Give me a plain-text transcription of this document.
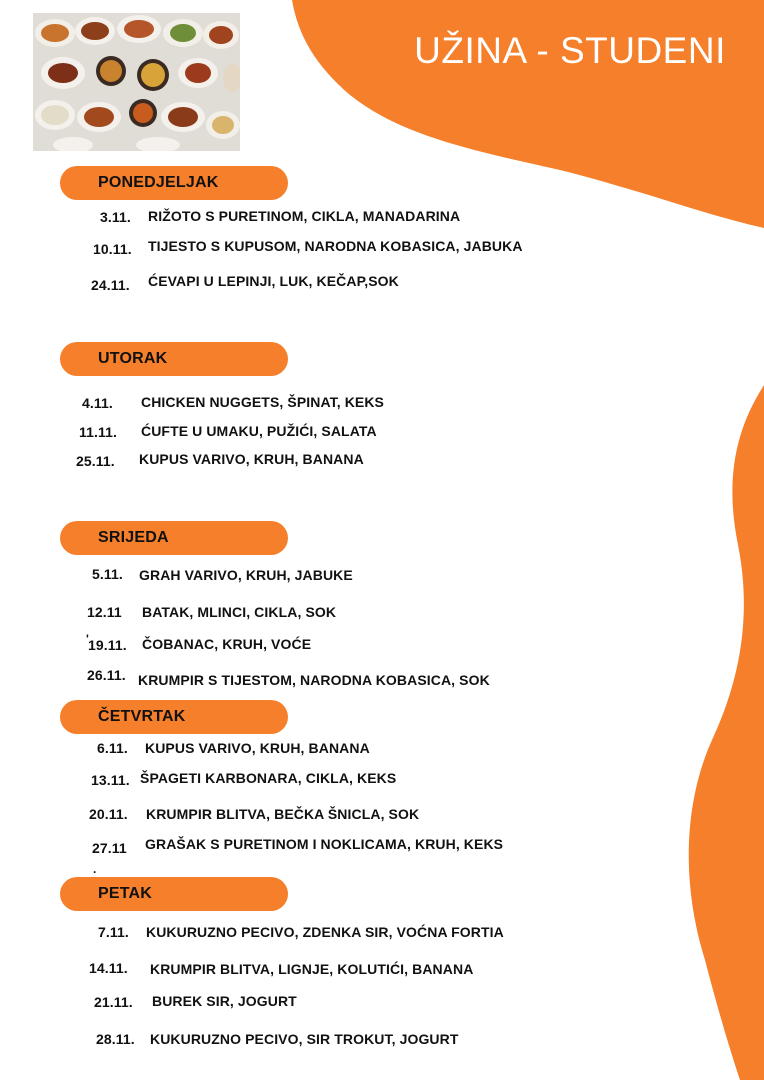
UŽINA - STUDENI
PONEDJELJAK
3.11. RIŽOTO S PURETINOM, CIKLA, MANADARINA
10.11. TIJESTO S KUPUSOM, NARODNA KOBASICA, JABUKA
24.11. ĆEVAPI U LEPINJI, LUK, KEČAP,SOK
UTORAK
4.11. CHICKEN NUGGETS, ŠPINAT, KEKS
11.11. ĆUFTE U UMAKU, PUŽIĆI, SALATA
25.11. KUPUS VARIVO, KRUH, BANANA
SRIJEDA
5.11. GRAH VARIVO, KRUH, JABUKE
12.11 BATAK, MLINCI, CIKLA, SOK
' 19.11. ČOBANAC, KRUH, VOĆE
26.11. KRUMPIR S TIJESTOM, NARODNA KOBASICA, SOK
ČETVRTAK
6.11. KUPUS VARIVO, KRUH, BANANA
13.11. ŠPAGETI KARBONARA, CIKLA, KEKS
20.11. KRUMPIR BLITVA, BEČKA ŠNICLA, SOK
27.11 GRAŠAK S PURETINOM I NOKLICAMA, KRUH, KEKS
.
PETAK
7.11. KUKURUZNO PECIVO, ZDENKA SIR, VOĆNA FORTIA
14.11. KRUMPIR BLITVA, LIGNJE, KOLUTIĆI, BANANA
21.11. BUREK SIR, JOGURT
28.11. KUKURUZNO PECIVO, SIR TROKUT, JOGURT
